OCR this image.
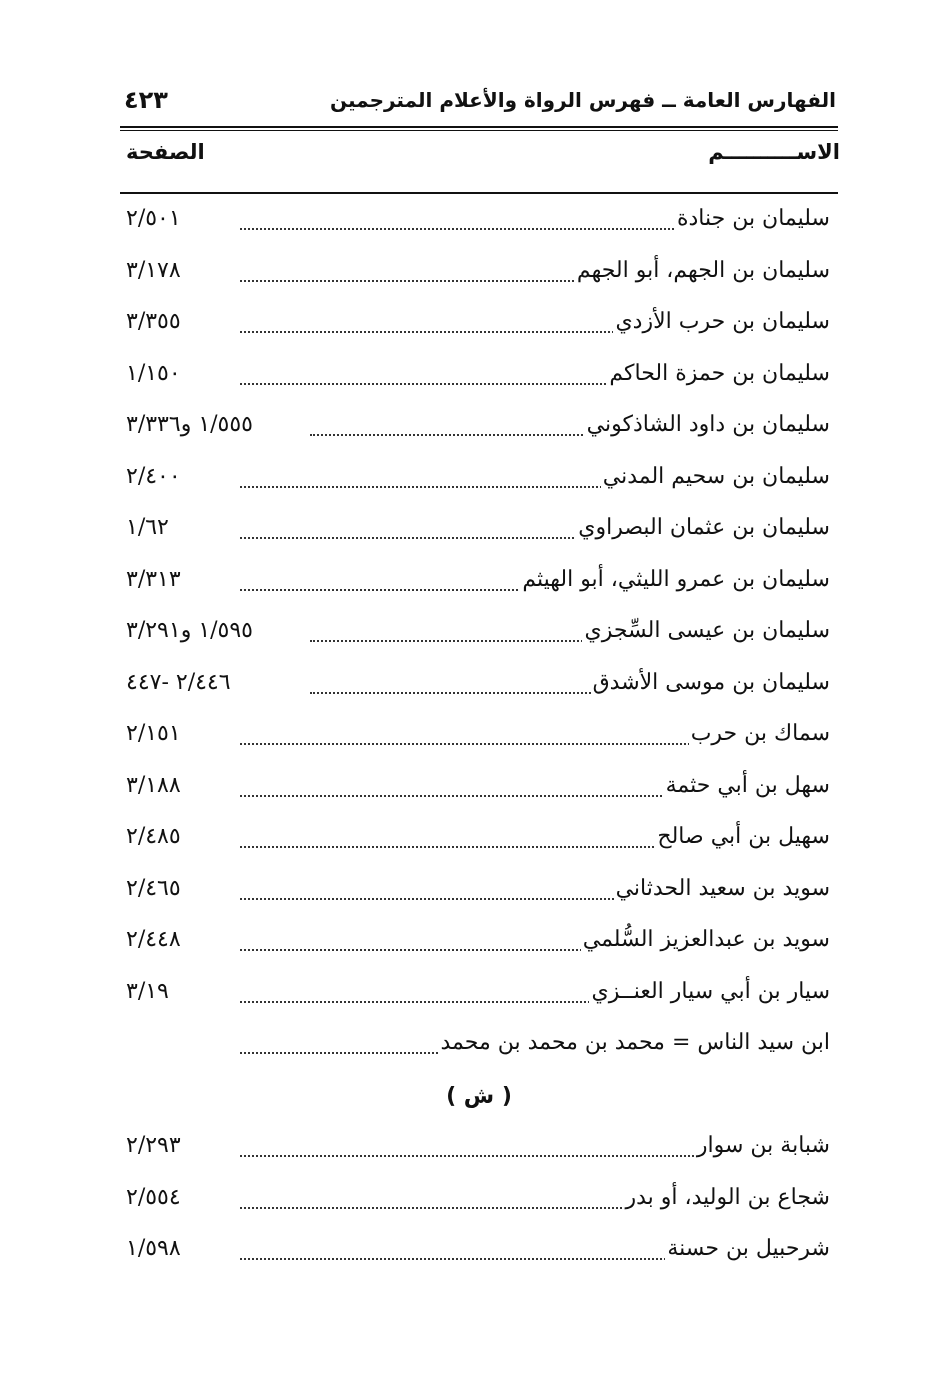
الفهارس العامة ــ فهرس الرواة والأعلام المترجمين
٤٢٣
الاســــــــــم
الصفحة
سليمان بن جنادة
٢/٥٠١
سليمان بن الجهم، أبو الجهم
٣/١٧٨
سليمان بن حرب الأزدي
٣/٣٥٥
سليمان بن حمزة الحاكم
١/١٥٠
سليمان بن داود الشاذكوني
١/٥٥٥ و٣/٣٣٦
سليمان بن سحيم المدني
٢/٤٠٠
سليمان بن عثمان البصراوي
١/٦٢
سليمان بن عمرو الليثي، أبو الهيثم
٣/٣١٣
سليمان بن عيسى السِّجزي
١/٥٩٥ و٣/٢٩١
سليمان بن موسى الأشدق
٢/٤٤٦ -٤٤٧
سماك بن حرب
٢/١٥١
سهل بن أبي حثمة
٣/١٨٨
سهيل بن أبي صالح
٢/٤٨٥
سويد بن سعيد الحدثاني
٢/٤٦٥
سويد بن عبدالعزيز السُّلمي
٢/٤٤٨
سيار بن أبي سيار العنــزي
٣/١٩
ابن سيد الناس = محمد بن محمد بن محمد
( ش )
شبابة بن سوار
٢/٢٩٣
شجاع بن الوليد، أو بدر
٢/٥٥٤
شرحبيل بن حسنة
١/٥٩٨
